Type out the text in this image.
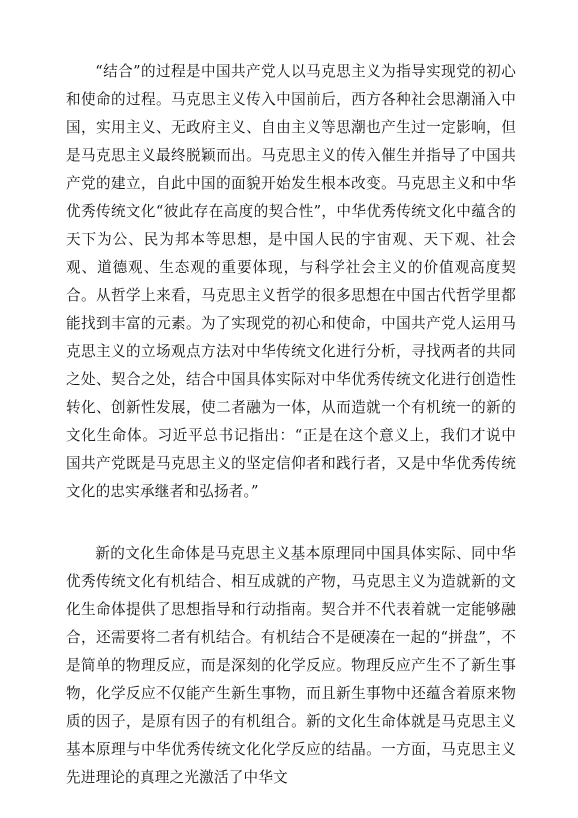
“结合”的过程是中国共产党人以马克思主义为指导实现党的初心和使命的过程。马克思主义传入中国前后，西方各种社会思潮涌入中国，实用主义、无政府主义、自由主义等思潮也产生过一定影响，但是马克思主义最终脱颖而出。马克思主义的传入催生并指导了中国共产党的建立，自此中国的面貌开始发生根本改变。马克思主义和中华优秀传统文化“彼此存在高度的契合性”，中华优秀传统文化中蕴含的天下为公、民为邦本等思想，是中国人民的宇宙观、天下观、社会观、道德观、生态观的重要体现，与科学社会主义的价值观高度契合。从哲学上来看，马克思主义哲学的很多思想在中国古代哲学里都能找到丰富的元素。为了实现党的初心和使命，中国共产党人运用马克思主义的立场观点方法对中华传统文化进行分析，寻找两者的共同之处、契合之处，结合中国具体实际对中华优秀传统文化进行创造性转化、创新性发展，使二者融为一体，从而造就一个有机统一的新的文化生命体。习近平总书记指出：“正是在这个意义上，我们才说中国共产党既是马克思主义的坚定信仰者和践行者，又是中华优秀传统文化的忠实承继者和弘扬者。”

新的文化生命体是马克思主义基本原理同中国具体实际、同中华优秀传统文化有机结合、相互成就的产物，马克思主义为造就新的文化生命体提供了思想指导和行动指南。契合并不代表着就一定能够融合，还需要将二者有机结合。有机结合不是硬凑在一起的“拼盘”，不是简单的物理反应，而是深刻的化学反应。物理反应产生不了新生事物，化学反应不仅能产生新生事物，而且新生事物中还蕴含着原来物质的因子，是原有因子的有机组合。新的文化生命体就是马克思主义基本原理与中华优秀传统文化化学反应的结晶。一方面，马克思主义先进理论的真理之光激活了中华文
